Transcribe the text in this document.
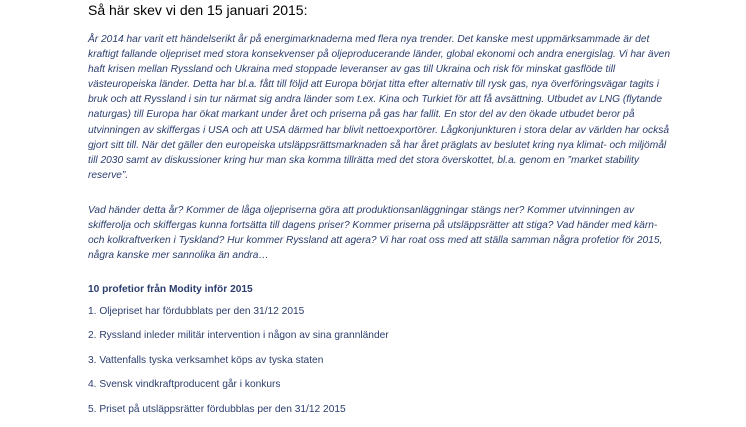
Så här skev vi den 15 januari 2015:

År 2014 har varit ett händelserikt år på energimarknaderna med flera nya trender. Det kanske mest uppmärksammade är det kraftigt fallande oljepriset med stora konsekvenser på oljeproducerande länder, global ekonomi och andra energislag. Vi har även haft krisen mellan Ryssland och Ukraina med stoppade leveranser av gas till Ukraina och risk för minskat gasflöde till västeuropeiska länder. Detta har bl.a. fått till följd att Europa börjat titta efter alternativ till rysk gas, nya överföringsvägar tagits i bruk och att Ryssland i sin tur närmat sig andra länder som t.ex. Kina och Turkiet för att få avsättning. Utbudet av LNG (flytande naturgas) till Europa har ökat markant under året och priserna på gas har fallit. En stor del av den ökade utbudet beror på utvinningen av skiffergas i USA och att USA därmed har blivit nettoexportörer. Lågkonjunkturen i stora delar av världen har också gjort sitt till. När det gäller den europeiska utsläppsrättsmarknaden så har året präglats av beslutet kring nya klimat- och miljömål till 2030 samt av diskussioner kring hur man ska komma tillrätta med det stora överskottet, bl.a. genom en ”market stability reserve”.

Vad händer detta år? Kommer de låga oljepriserna göra att produktionsanläggningar stängs ner? Kommer utvinningen av skifferolja och skiffergas kunna fortsätta till dagens priser? Kommer priserna på utsläppsrätter att stiga? Vad händer med kärn- och kolkraftverken i Tyskland? Hur kommer Ryssland att agera? Vi har roat oss med att ställa samman några profetior för 2015, några kanske mer sannolika än andra…

10 profetior från Modity inför 2015
1. Oljepriset har fördubblats per den 31/12 2015
2. Ryssland inleder militär intervention i någon av sina grannländer
3. Vattenfalls tyska verksamhet köps av tyska staten
4. Svensk vindkraftproducent går i konkurs
5. Priset på utsläppsrätter fördubblas per den 31/12 2015
